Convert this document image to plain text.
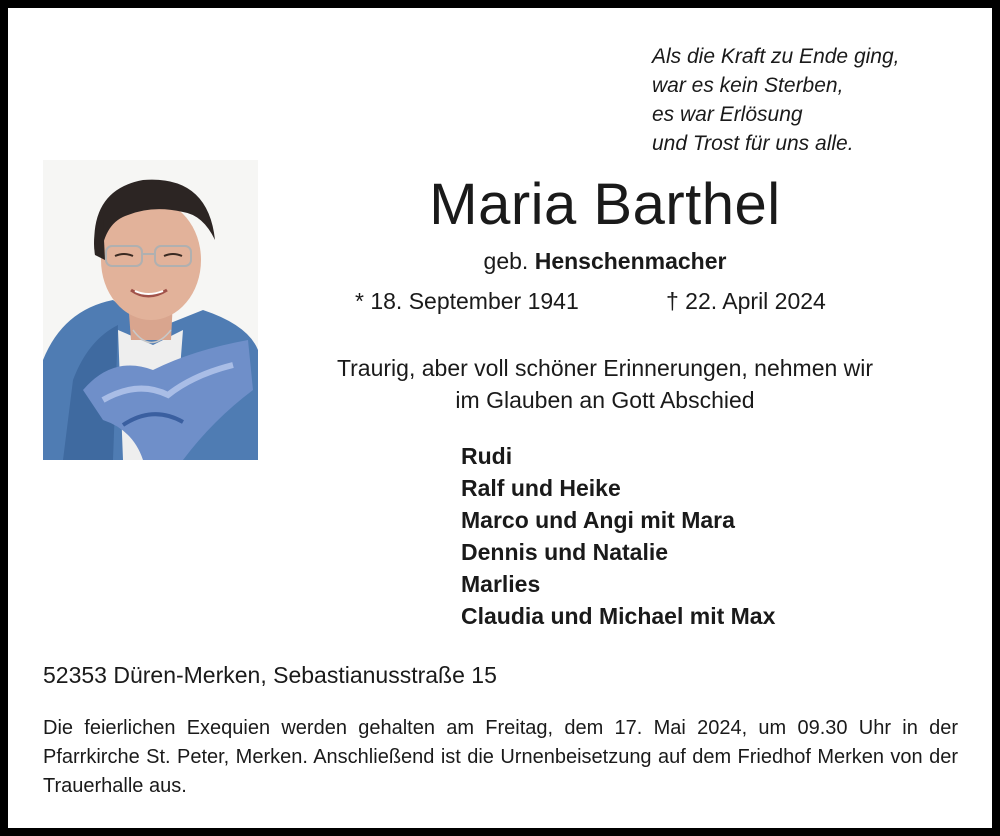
Als die Kraft zu Ende ging,
war es kein Sterben,
es war Erlösung
und Trost für uns alle.
Maria Barthel
geb. Henschenmacher
* 18. September 1941	† 22. April 2024
Traurig, aber voll schöner Erinnerungen, nehmen wir
im Glauben an Gott Abschied
Rudi
Ralf und Heike
Marco und Angi mit Mara
Dennis und Natalie
Marlies
Claudia und Michael mit Max
52353 Düren-Merken, Sebastianusstraße 15
Die feierlichen Exequien werden gehalten am Freitag, dem 17. Mai 2024, um 09.30 Uhr in der Pfarrkirche St. Peter, Merken. Anschließend ist die Urnenbeisetzung auf dem Friedhof Merken von der Trauerhalle aus.
